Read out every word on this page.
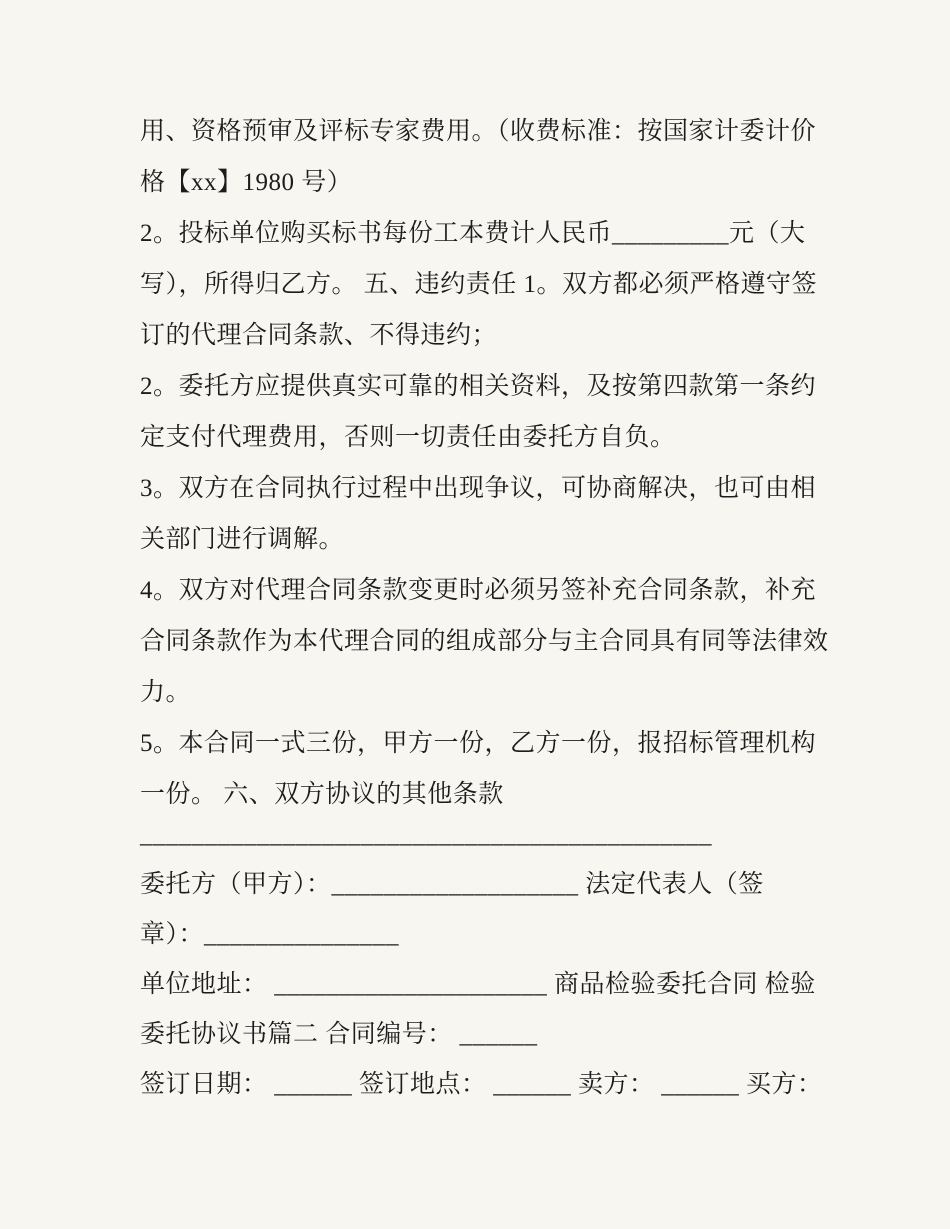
用、资格预审及评标专家费用。（收费标准：按国家计委计价
格【xx】1980 号）
2。投标单位购买标书每份工本费计人民币_________元（大
写），所得归乙方。 五、违约责任 1。双方都必须严格遵守签
订的代理合同条款、不得违约；
2。委托方应提供真实可靠的相关资料，及按第四款第一条约
定支付代理费用，否则一切责任由委托方自负。
3。双方在合同执行过程中出现争议，可协商解决，也可由相
关部门进行调解。
4。双方对代理合同条款变更时必须另签补充合同条款，补充
合同条款作为本代理合同的组成部分与主合同具有同等法律效
力。
5。本合同一式三份，甲方一份，乙方一份，报招标管理机构
一份。 六、双方协议的其他条款
____________________________________________
委托方（甲方）：___________________ 法定代表人（签
章）：_______________
单位地址： _____________________ 商品检验委托合同 检验
委托协议书篇二 合同编号： ______
签订日期： ______ 签订地点： ______ 卖方： ______ 买方：
